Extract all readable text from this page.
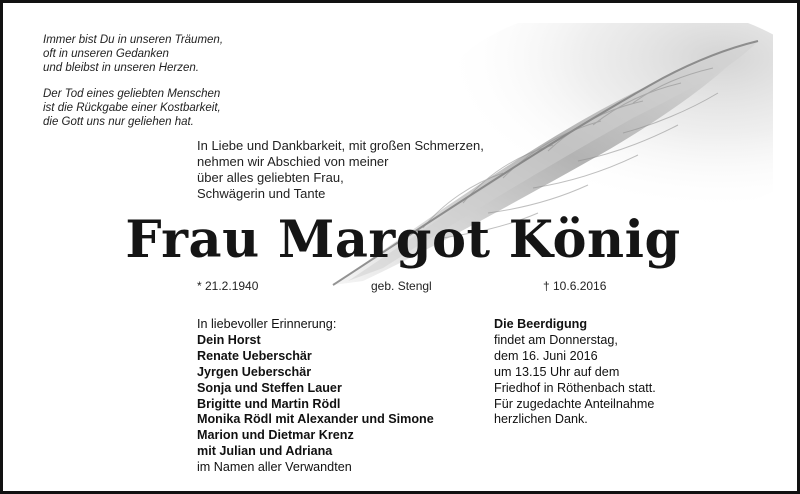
Immer bist Du in unseren Träumen,
oft in unseren Gedanken
und bleibst in unseren Herzen.

Der Tod eines geliebten Menschen
ist die Rückgabe einer Kostbarkeit,
die Gott uns nur geliehen hat.

In Liebe und Dankbarkeit, mit großen Schmerzen,
nehmen wir Abschied von meiner
über alles geliebten Frau,
Schwägerin und Tante

Frau Margot König
* 21.2.1940	geb. Stengl	† 10.6.2016
In liebevoller Erinnerung:
Dein Horst
Renate Ueberschär
Jyrgen Ueberschär
Sonja und Steffen Lauer
Brigitte und Martin Rödl
Monika Rödl mit Alexander und Simone
Marion und Dietmar Krenz
mit Julian und Adriana
im Namen aller Verwandten
Die Beerdigung
findet am Donnerstag,
dem 16. Juni 2016
um 13.15 Uhr auf dem
Friedhof in Röthenbach statt.
Für zugedachte Anteilnahme
herzlichen Dank.
